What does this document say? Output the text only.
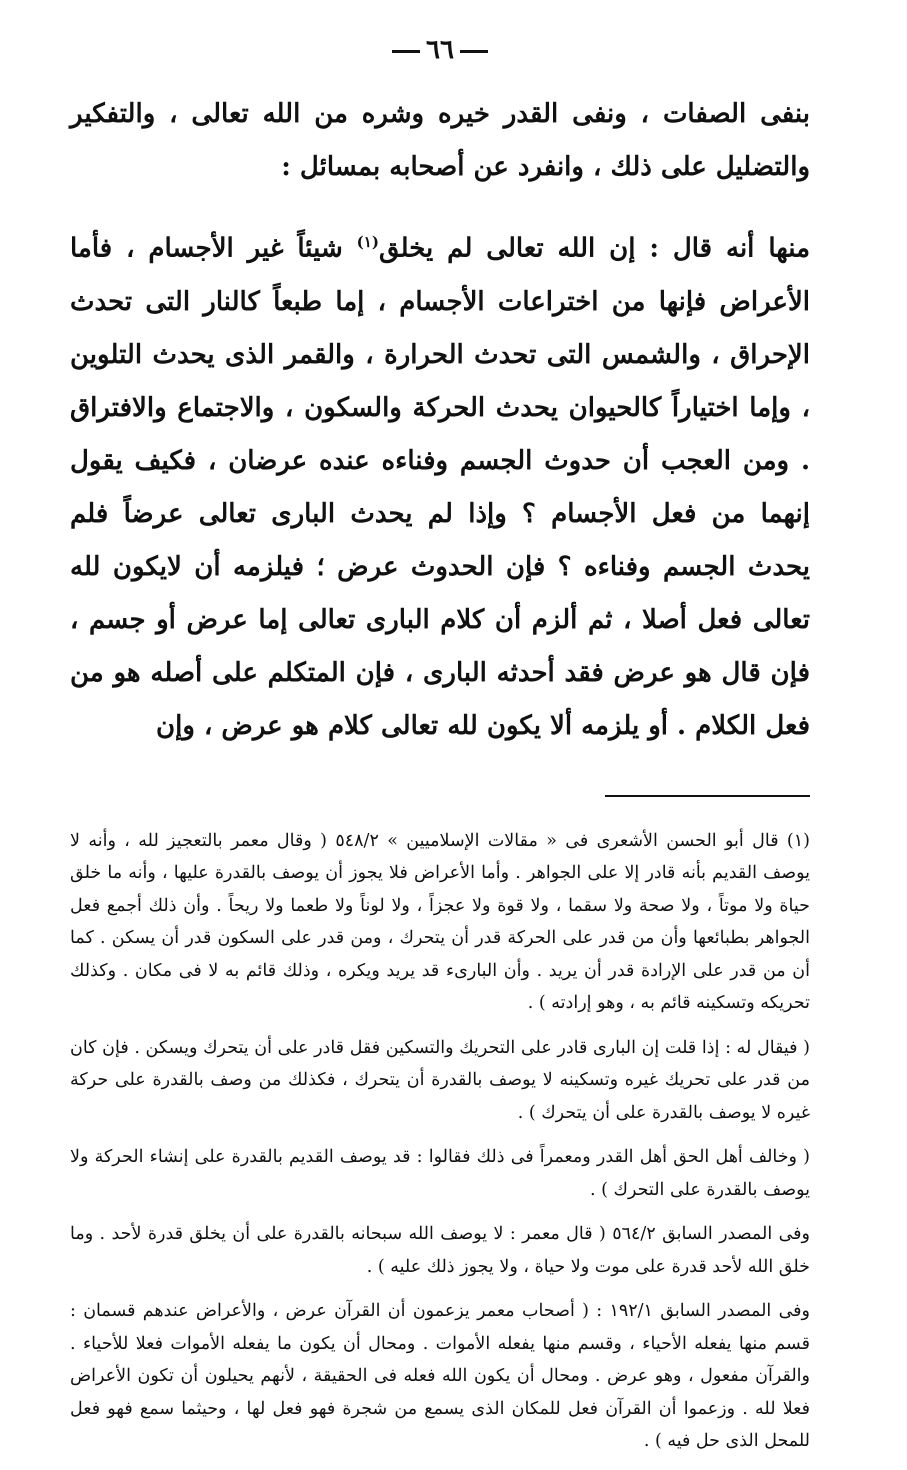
٦٦

بنفى الصفات ، ونفى القدر خيره وشره من الله تعالى ، والتفكير والتضليل على ذلك ، وانفرد عن أصحابه بمسائل :

منها أنه قال : إن الله تعالى لم يخلق$^{(١)}$ شيئاً غير الأجسام ، فأما الأعراض فإنها من اختراعات الأجسام ، إما طبعاً كالنار التى تحدث الإحراق ، والشمس التى تحدث الحرارة ، والقمر الذى يحدث التلوين ، وإما اختياراً كالحيوان يحدث الحركة والسكون ، والاجتماع والافتراق . ومن العجب أن حدوث الجسم وفناءه عنده عرضان ، فكيف يقول إنهما من فعل الأجسام ؟ وإذا لم يحدث البارى تعالى عرضاً فلم يحدث الجسم وفناءه ؟ فإن الحدوث عرض ؛ فيلزمه أن لايكون لله تعالى فعل أصلا ، ثم ألزم أن كلام البارى تعالى إما عرض أو جسم ، فإن قال هو عرض فقد أحدثه البارى ، فإن المتكلم على أصله هو من فعل الكلام . أو يلزمه ألا يكون لله تعالى كلام هو عرض ، وإن

(١) قال أبو الحسن الأشعرى فى « مقالات الإسلاميين » ٥٤٨/٢ ( وقال معمر بالتعجيز لله ، وأنه لا يوصف القديم بأنه قادر إلا على الجواهر . وأما الأعراض فلا يجوز أن يوصف بالقدرة عليها ، وأنه ما خلق حياة ولا موتاً ، ولا صحة ولا سقما ، ولا قوة ولا عجزاً ، ولا لوناً ولا طعما ولا ريحاً . وأن ذلك أجمع فعل الجواهر بطبائعها وأن من قدر على الحركة قدر أن يتحرك ، ومن قدر على السكون قدر أن يسكن . كما أن من قدر على الإرادة قدر أن يريد . وأن البارىء قد يريد ويكره ، وذلك قائم به لا فى مكان . وكذلك تحريكه وتسكينه قائم به ، وهو إرادته ) .

( فيقال له : إذا قلت إن البارى قادر على التحريك والتسكين فقل قادر على أن يتحرك ويسكن . فإن كان من قدر على تحريك غيره وتسكينه لا يوصف بالقدرة أن يتحرك ، فكذلك من وصف بالقدرة على حركة غيره لا يوصف بالقدرة على أن يتحرك ) .

( وخالف أهل الحق أهل القدر ومعمراً فى ذلك فقالوا : قد يوصف القديم بالقدرة على إنشاء الحركة ولا يوصف بالقدرة على التحرك ) .

وفى المصدر السابق ٥٦٤/٢ ( قال معمر : لا يوصف الله سبحانه بالقدرة على أن يخلق قدرة لأحد . وما خلق الله لأحد قدرة على موت ولا حياة ، ولا يجوز ذلك عليه ) .

وفى المصدر السابق ١٩٢/١ : ( أصحاب معمر يزعمون أن القرآن عرض ، والأعراض عندهم قسمان : قسم منها يفعله الأحياء ، وقسم منها يفعله الأموات . ومحال أن يكون ما يفعله الأموات فعلا للأحياء . والقرآن مفعول ، وهو عرض . ومحال أن يكون الله فعله فى الحقيقة ، لأنهم يحيلون أن تكون الأعراض فعلا لله . وزعموا أن القرآن فعل للمكان الذى يسمع من شجرة فهو فعل لها ، وحيثما سمع فهو فعل للمحل الذى حل فيه ) .
